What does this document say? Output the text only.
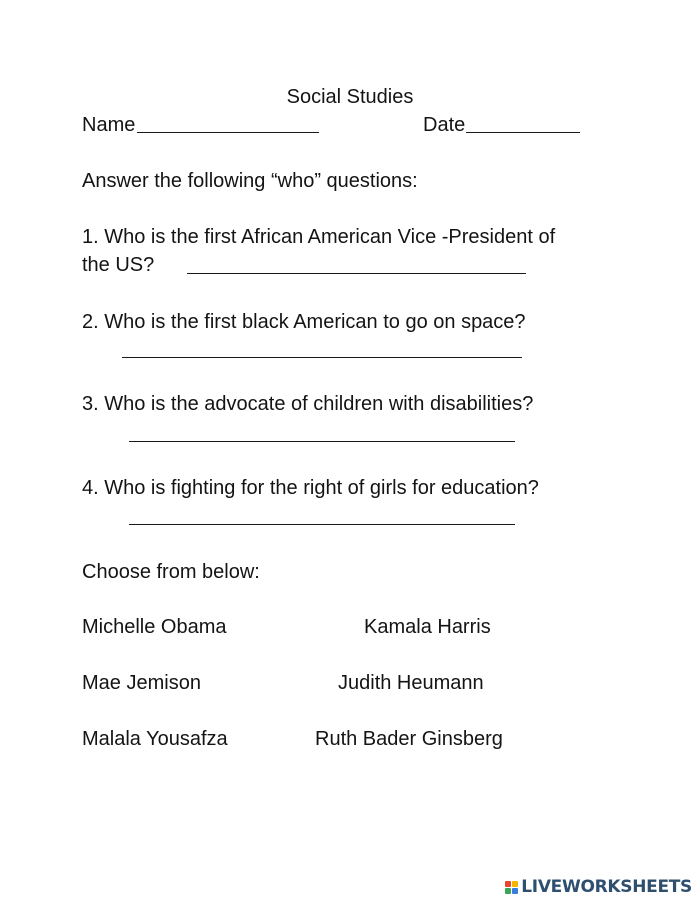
Social Studies
Name	Date
Answer the following “who” questions:
1. Who is the first African American Vice -President of
the US?
2. Who is the first black American to go on space?
3. Who is the advocate of children with disabilities?
4. Who is fighting for the right of girls for education?
Choose from below:
Michelle Obama	Kamala Harris
Mae Jemison	Judith Heumann
Malala Yousafza	Ruth Bader Ginsberg
LIVEWORKSHEETS
